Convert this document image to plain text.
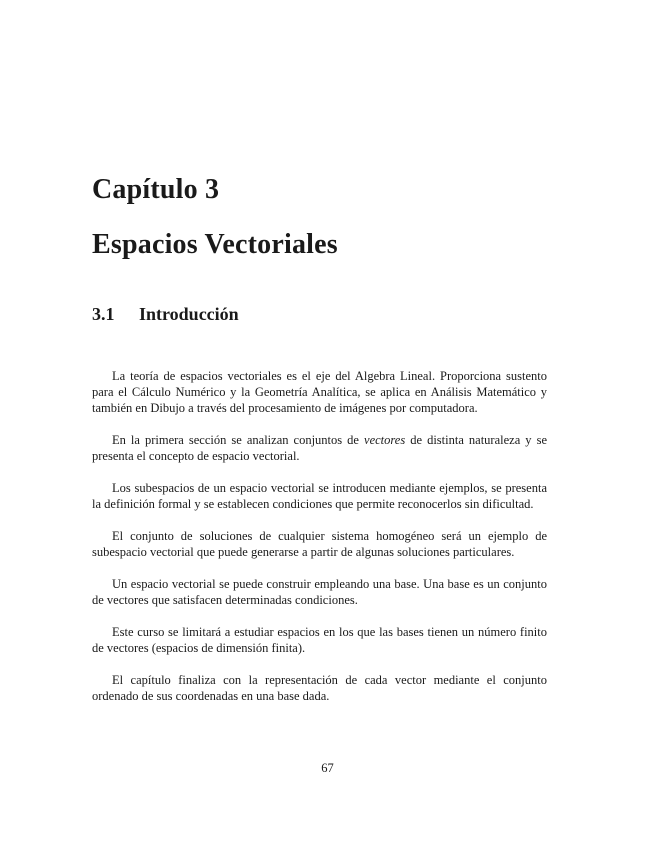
Capítulo 3
Espacios Vectoriales
3.1 Introducción

La teoría de espacios vectoriales es el eje del Algebra Lineal. Proporciona sustento para el Cálculo Numérico y la Geometría Analítica, se aplica en Análisis Matemático y también en Dibujo a través del procesamiento de imágenes por computadora.

En la primera sección se analizan conjuntos de vectores de distinta naturaleza y se presenta el concepto de espacio vectorial.

Los subespacios de un espacio vectorial se introducen mediante ejemplos, se presenta la definición formal y se establecen condiciones que permite reconocerlos sin dificultad.

El conjunto de soluciones de cualquier sistema homogéneo será un ejemplo de subespacio vectorial que puede generarse a partir de algunas soluciones particulares.

Un espacio vectorial se puede construir empleando una base. Una base es un conjunto de vectores que satisfacen determinadas condiciones.

Este curso se limitará a estudiar espacios en los que las bases tienen un número finito de vectores (espacios de dimensión finita).

El capítulo finaliza con la representación de cada vector mediante el conjunto ordenado de sus coordenadas en una base dada.

67
